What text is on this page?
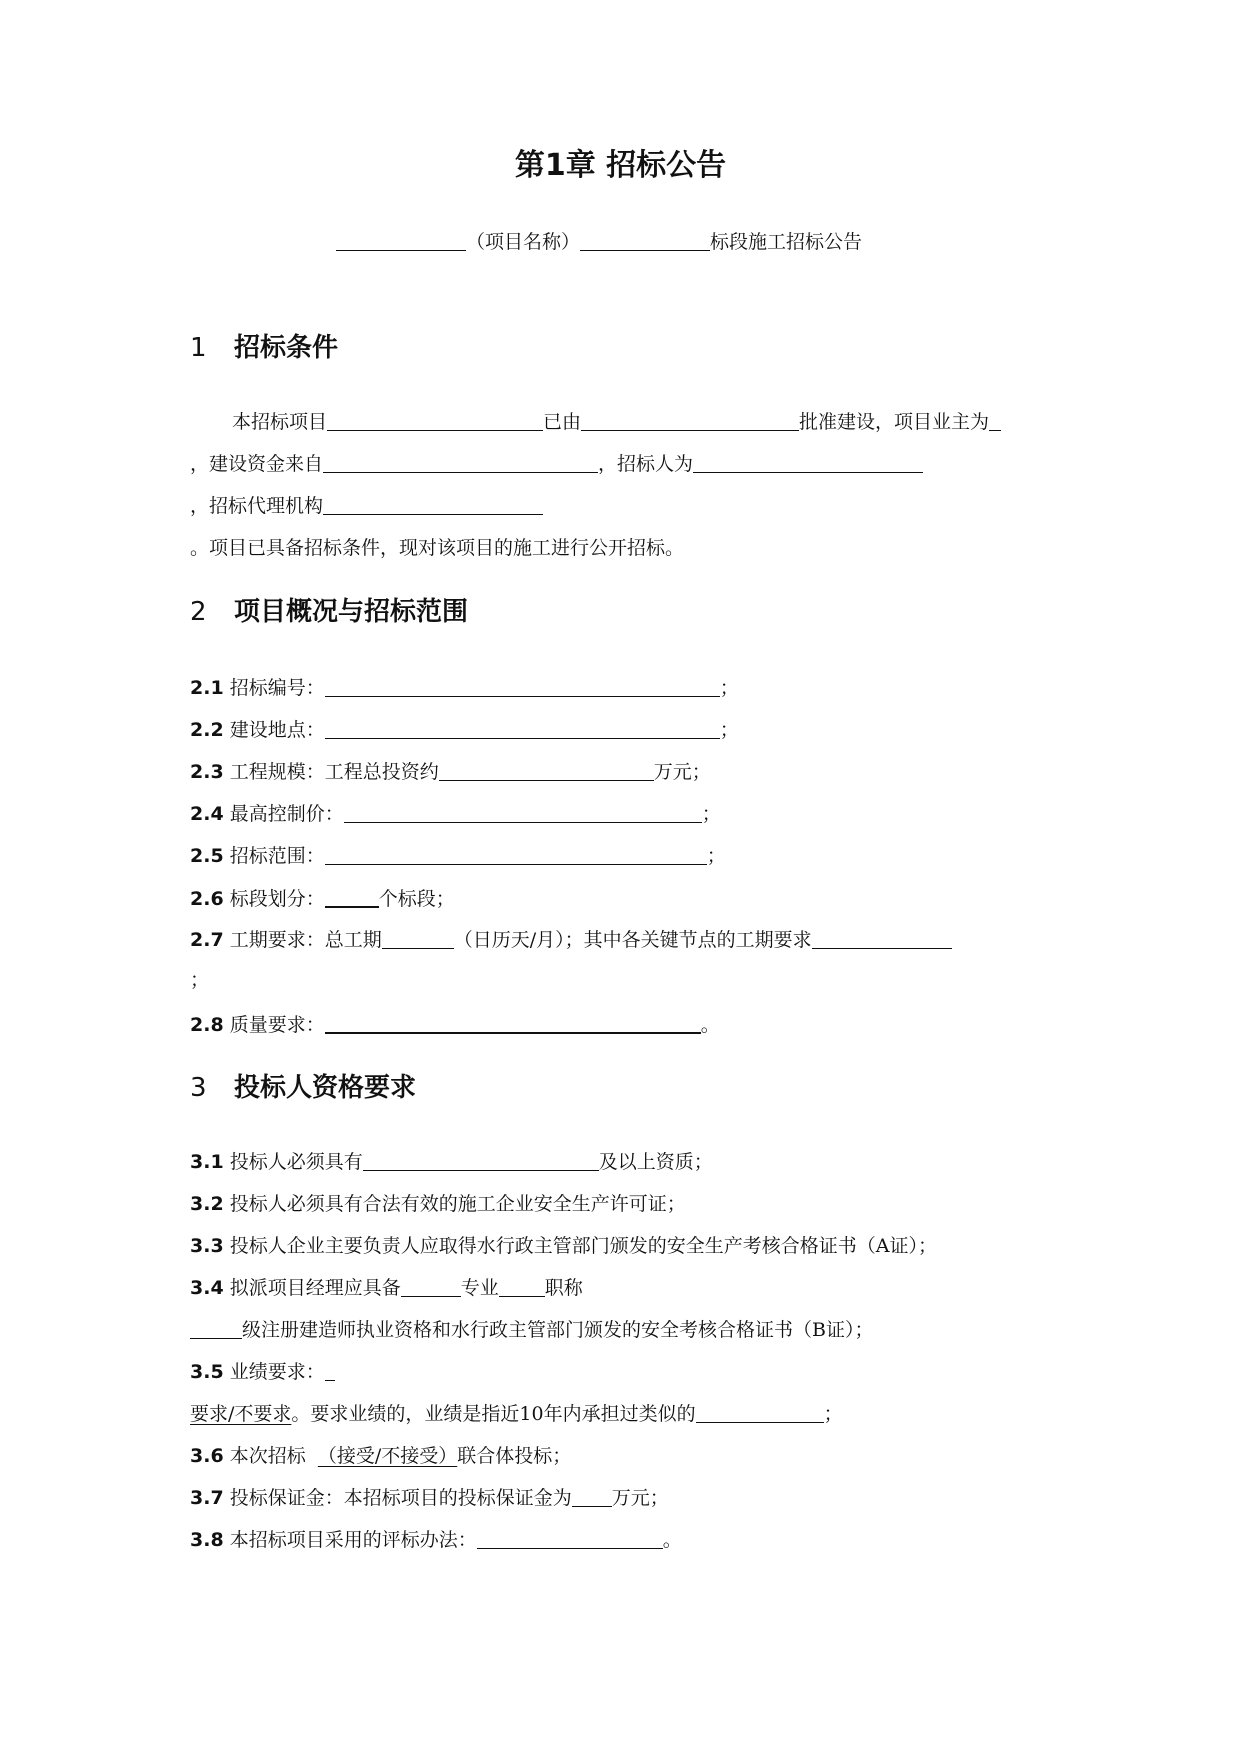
第1章 招标公告
（项目名称）	标段施工招标公告
1 招标条件
本招标项目	已由	批准建设，项目业主为
，建设资金来自	，招标人为
，招标代理机构
。项目已具备招标条件，现对该项目的施工进行公开招标。
2 项目概况与招标范围
2.1 招标编号：	；
2.2 建设地点：	；
2.3 工程规模：工程总投资约	万元；
2.4 最高控制价：	；
2.5 招标范围：	；
2.6 标段划分：	个标段；
2.7 工期要求：总工期	（日历天/月）；其中各关键节点的工期要求
；
2.8 质量要求：	。
3 投标人资格要求
3.1 投标人必须具有	及以上资质；
3.2 投标人必须具有合法有效的施工企业安全生产许可证；
3.3 投标人企业主要负责人应取得水行政主管部门颁发的安全生产考核合格证书（A证）；
3.4 拟派项目经理应具备	专业 职称
级注册建造师执业资格和水行政主管部门颁发的安全考核合格证书（B证）；
3.5 业绩要求：
要求/不要求。要求业绩的，业绩是指近10年内承担过类似的	；
3.6 本次招标 （接受/不接受）联合体投标；
3.7 投标保证金：本招标项目的投标保证金为 万元；
3.8 本招标项目采用的评标办法：	。
